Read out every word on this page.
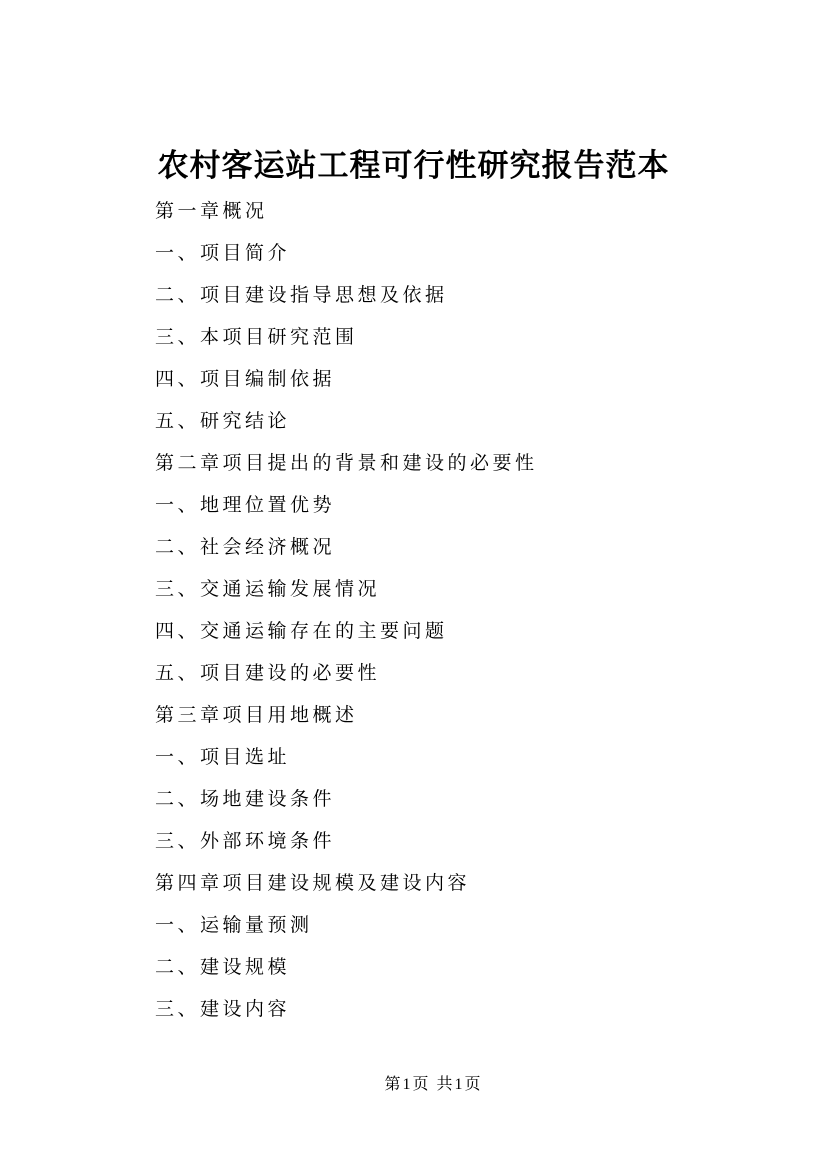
农村客运站工程可行性研究报告范本

第一章概况

一、项目简介

二、项目建设指导思想及依据

三、本项目研究范围

四、项目编制依据

五、研究结论

第二章项目提出的背景和建设的必要性

一、地理位置优势

二、社会经济概况

三、交通运输发展情况

四、交通运输存在的主要问题

五、项目建设的必要性

第三章项目用地概述

一、项目选址

二、场地建设条件

三、外部环境条件

第四章项目建设规模及建设内容

一、运输量预测

二、建设规模

三、建设内容

第1页 共1页
